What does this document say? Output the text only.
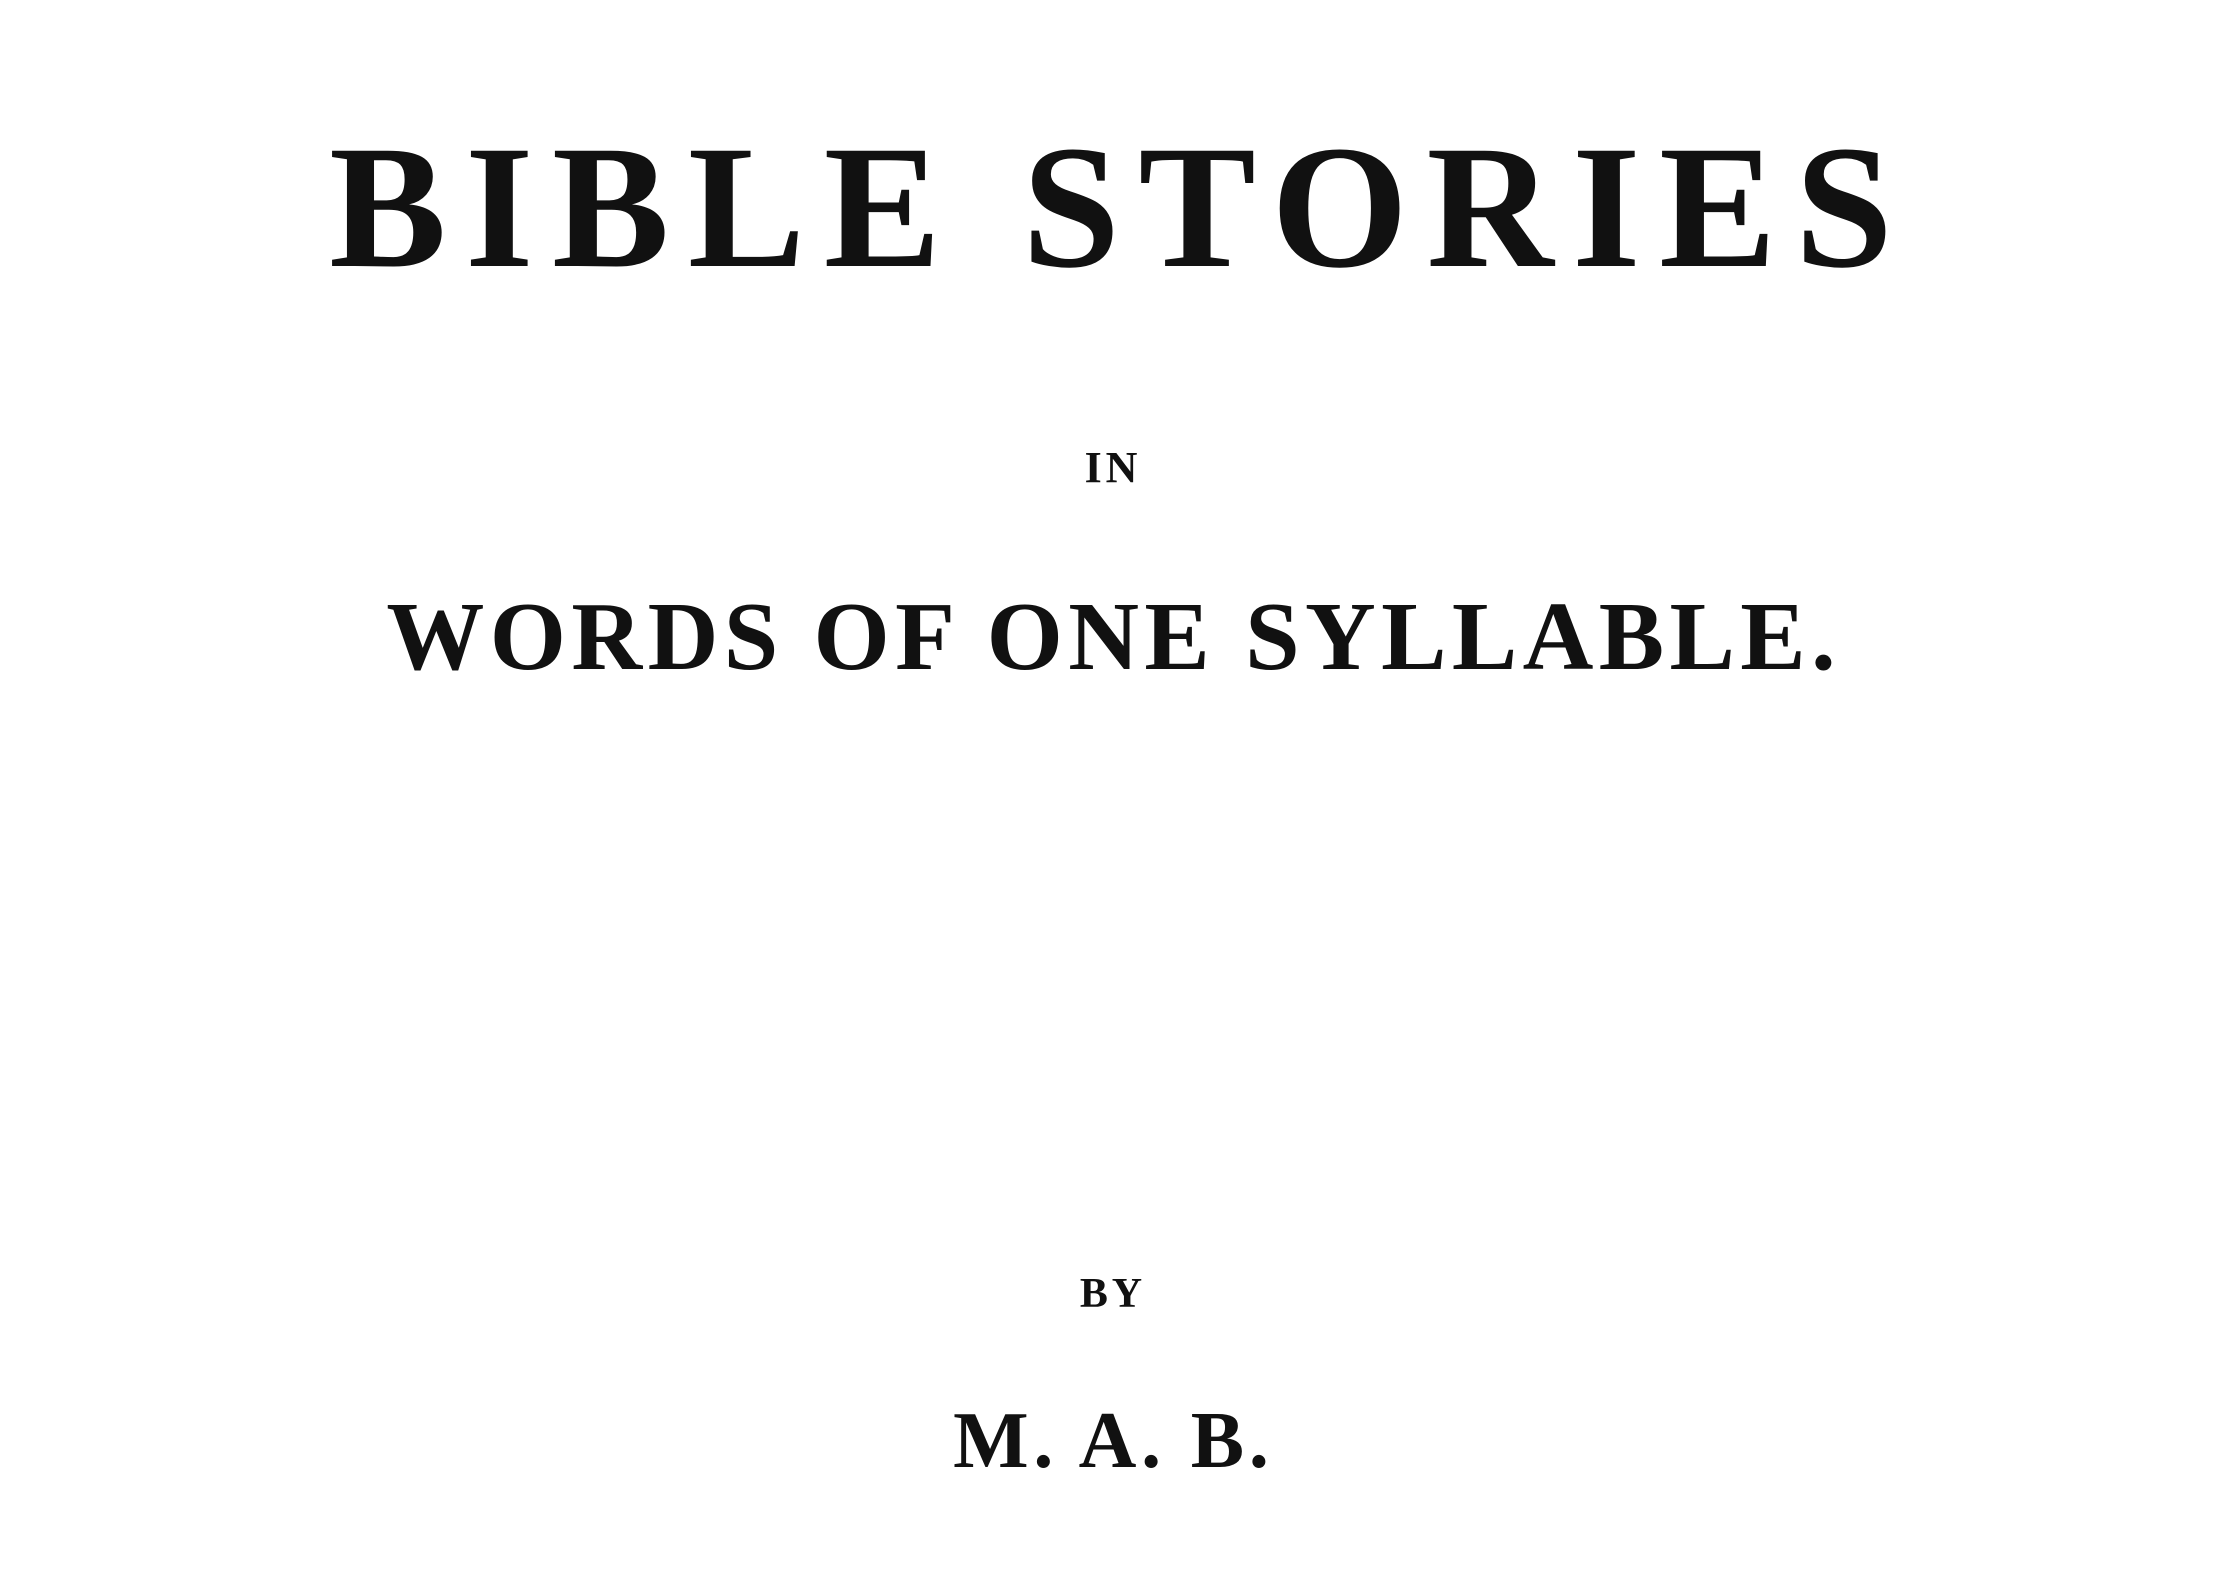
BIBLE STORIES
IN
WORDS OF ONE SYLLABLE.
BY
M. A. B.
